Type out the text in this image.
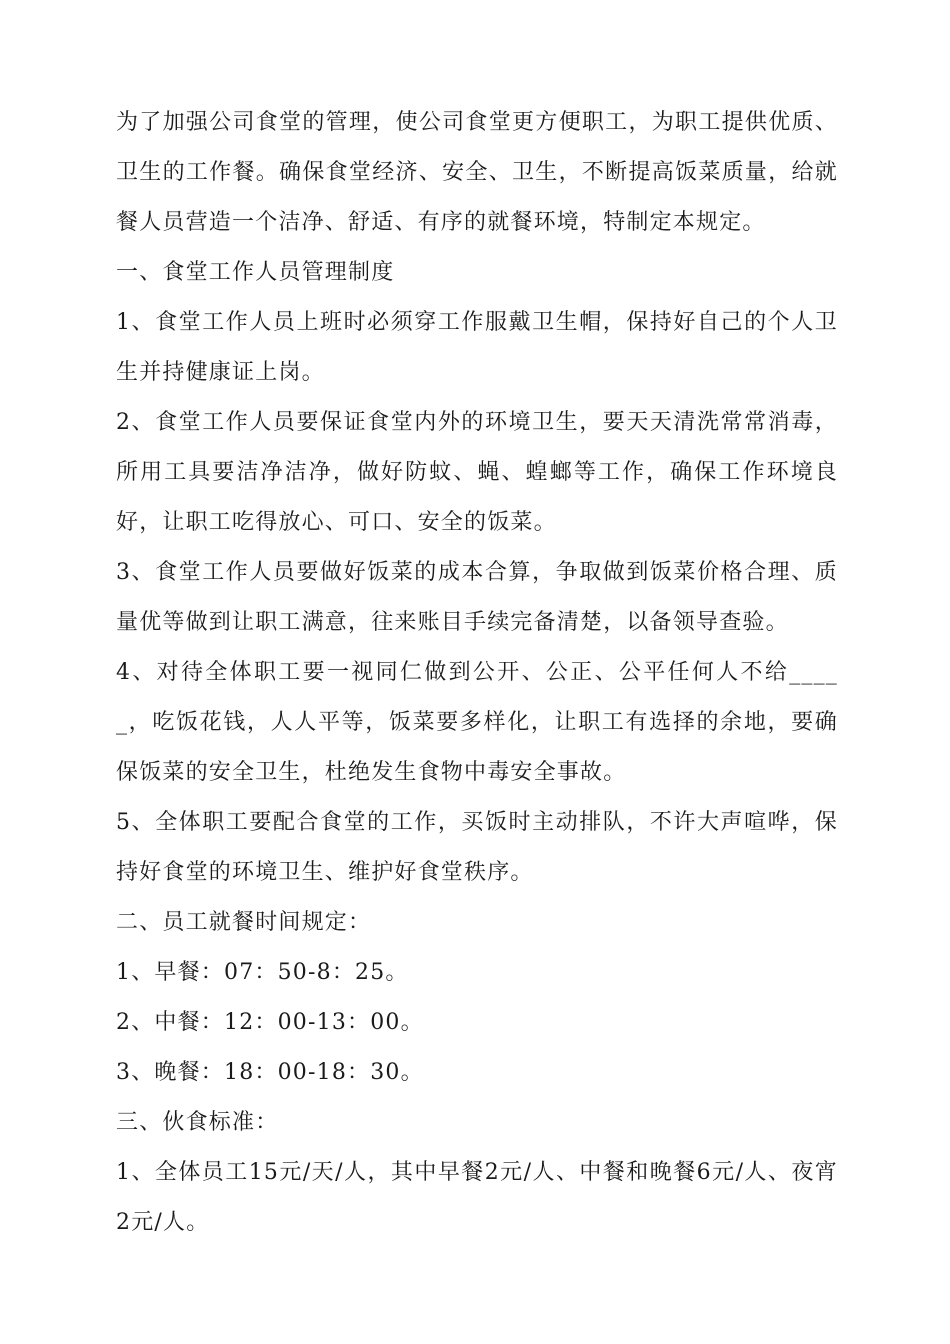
为了加强公司食堂的管理，使公司食堂更方便职工，为职工提供优质、卫生的工作餐。确保食堂经济、安全、卫生，不断提高饭菜质量，给就餐人员营造一个洁净、舒适、有序的就餐环境，特制定本规定。

一、食堂工作人员管理制度

1、食堂工作人员上班时必须穿工作服戴卫生帽，保持好自己的个人卫生并持健康证上岗。

2、食堂工作人员要保证食堂内外的环境卫生，要天天清洗常常消毒，所用工具要洁净洁净，做好防蚊、蝇、蝗螂等工作，确保工作环境良好，让职工吃得放心、可口、安全的饭菜。

3、食堂工作人员要做好饭菜的成本合算，争取做到饭菜价格合理、质量优等做到让职工满意，往来账目手续完备清楚，以备领导查验。

4、对待全体职工要一视同仁做到公开、公正、公平任何人不给_____，吃饭花钱，人人平等，饭菜要多样化，让职工有选择的余地，要确保饭菜的安全卫生，杜绝发生食物中毒安全事故。

5、全体职工要配合食堂的工作，买饭时主动排队，不许大声喧哗，保持好食堂的环境卫生、维护好食堂秩序。

二、员工就餐时间规定：

1、早餐：07：50-8：25。

2、中餐：12：00-13：00。

3、晚餐：18：00-18：30。

三、伙食标准：

1、全体员工15元/天/人，其中早餐2元/人、中餐和晚餐6元/人、夜宵2元/人。
